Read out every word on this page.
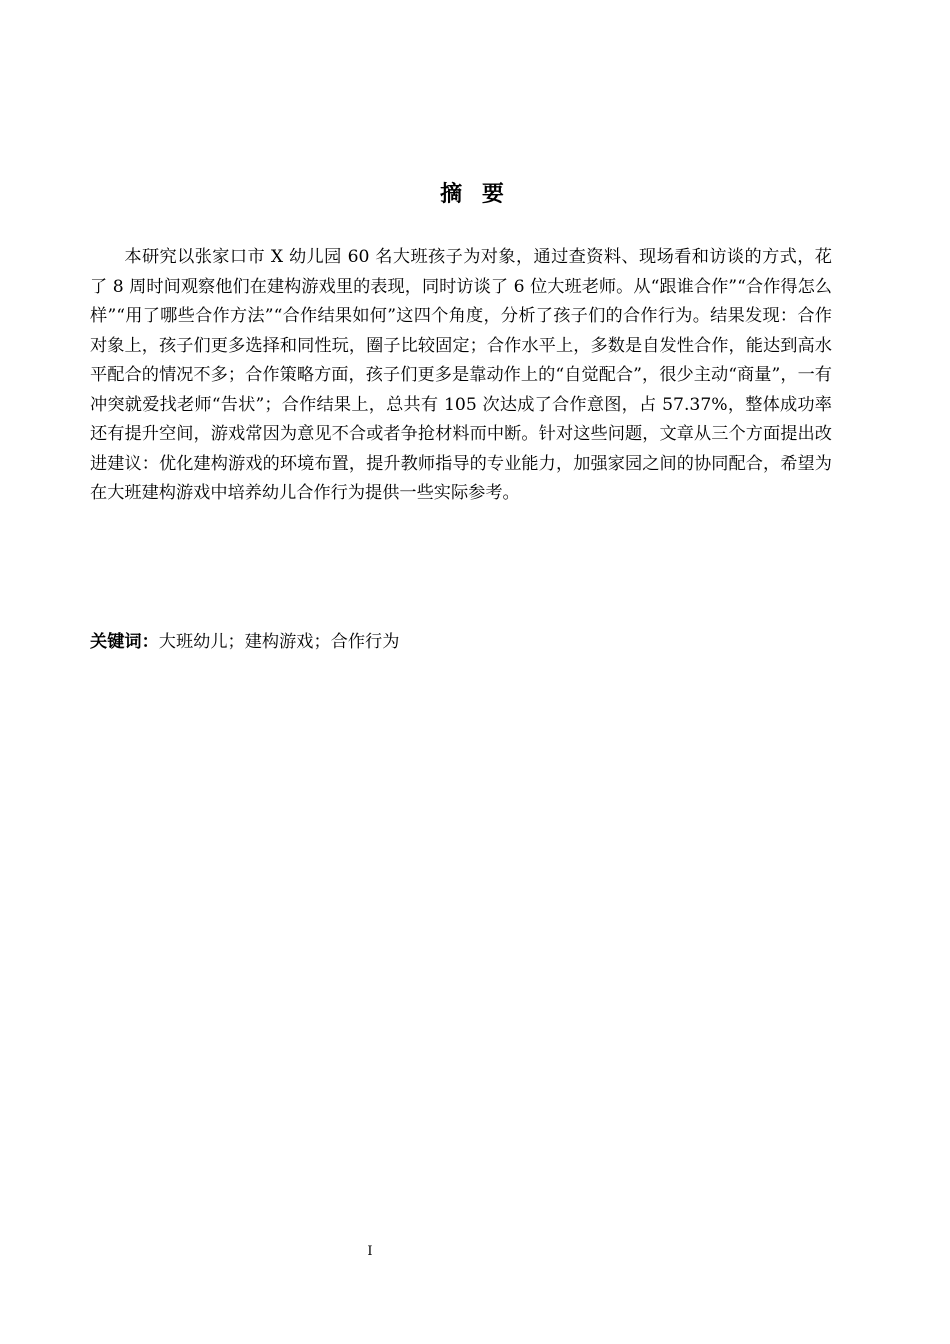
摘 要

本研究以张家口市 X 幼儿园 60 名大班孩子为对象，通过查资料、现场看和访谈的方式，花了 8 周时间观察他们在建构游戏里的表现，同时访谈了 6 位大班老师。从“跟谁合作”“合作得怎么样”“用了哪些合作方法”“合作结果如何”这四个角度，分析了孩子们的合作行为。结果发现：合作对象上，孩子们更多选择和同性玩，圈子比较固定；合作水平上，多数是自发性合作，能达到高水平配合的情况不多；合作策略方面，孩子们更多是靠动作上的“自觉配合”，很少主动“商量”，一有冲突就爱找老师“告状”；合作结果上，总共有 105 次达成了合作意图，占 57.37%，整体成功率还有提升空间，游戏常因为意见不合或者争抢材料而中断。针对这些问题，文章从三个方面提出改进建议：优化建构游戏的环境布置，提升教师指导的专业能力，加强家园之间的协同配合，希望为在大班建构游戏中培养幼儿合作行为提供一些实际参考。

关键词：大班幼儿；建构游戏；合作行为
I
